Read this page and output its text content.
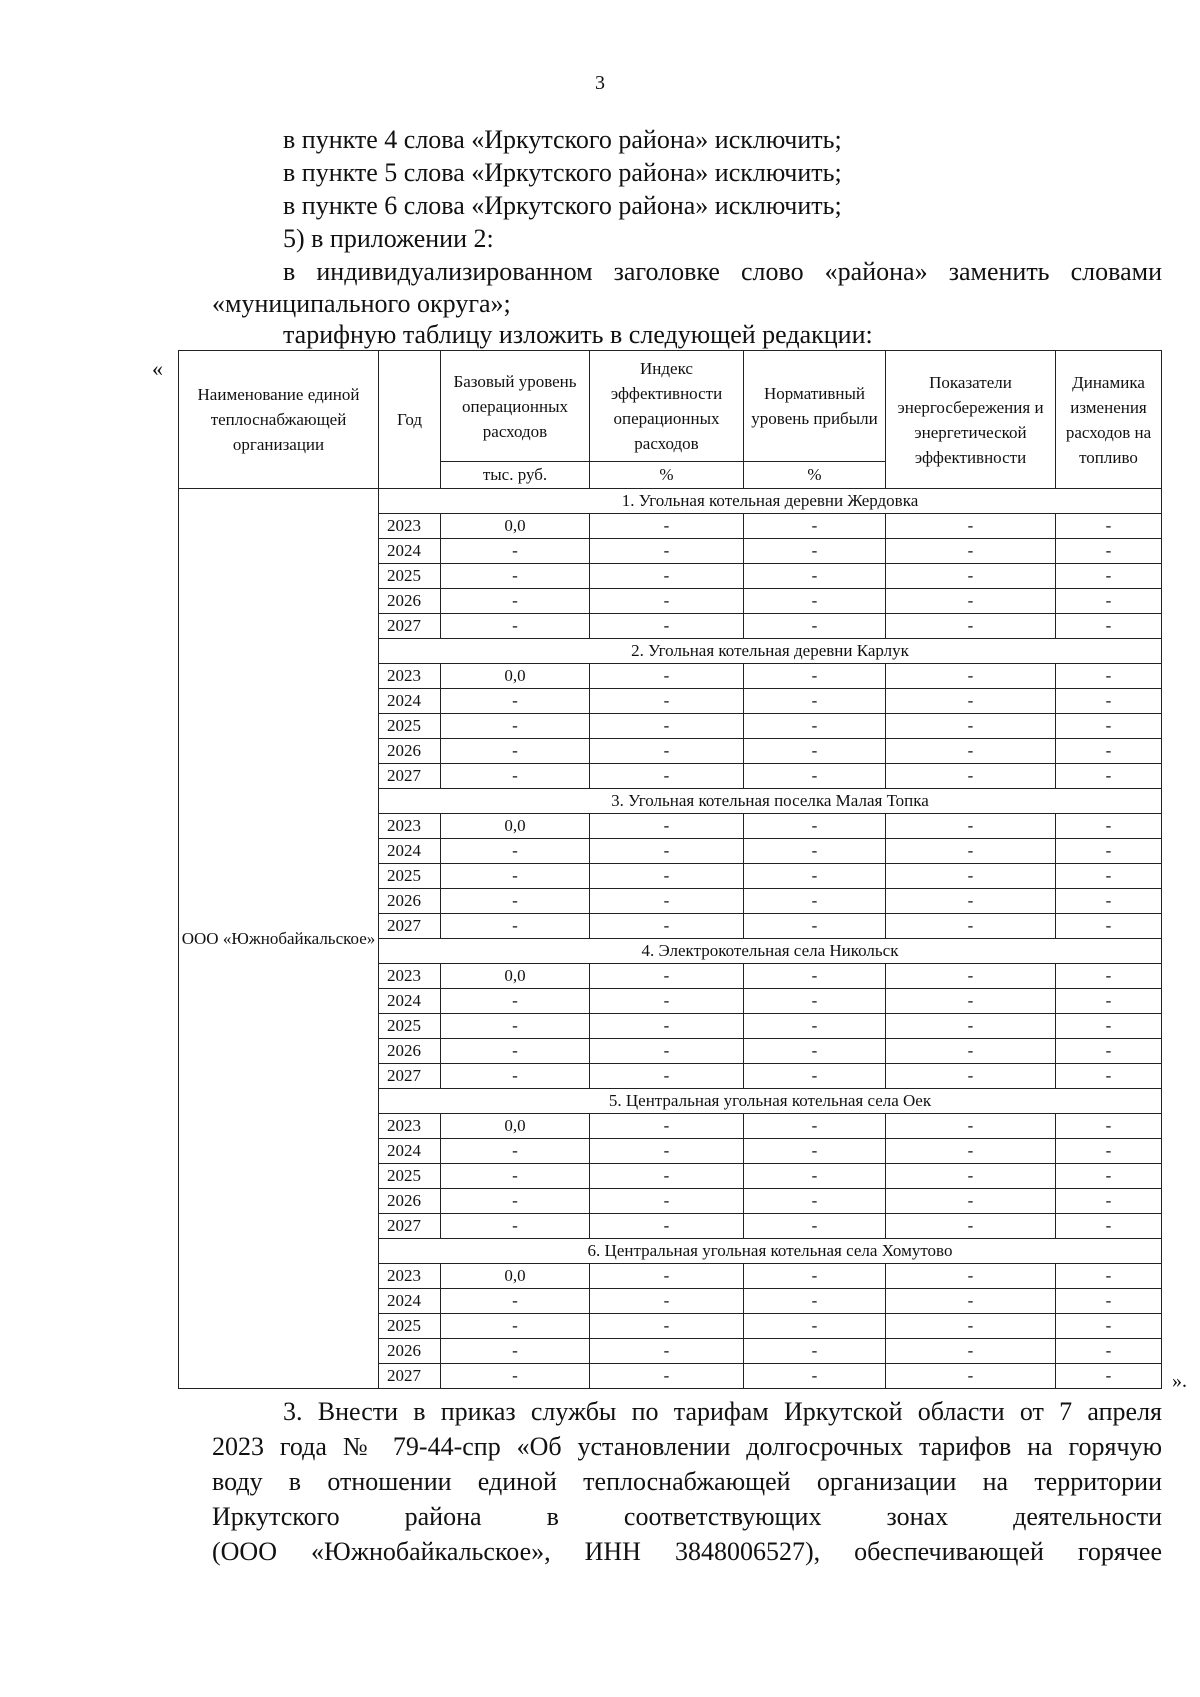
3
в пункте 4 слова «Иркутского района» исключить;
в пункте 5 слова «Иркутского района» исключить;
в пункте 6 слова «Иркутского района» исключить;
5) в приложении 2:
в индивидуализированном заголовке слово «района» заменить словами
«муниципального округа»;
тарифную таблицу изложить в следующей редакции:
«
Наименование единой теплоснабжающей организации	Год	Базовый уровень операционных расходов	Индекс эффективности операционных расходов	Нормативный уровень прибыли	Показатели энергосбережения и энергетической эффективности	Динамика изменения расходов на топливо
		тыс. руб.	%	%		
ООО «Южнобайкальское»	1. Угольная котельная деревни Жердовка					
	2023	0,0	-	-	-	-
	2024	-	-	-	-	-
	2025	-	-	-	-	-
	2026	-	-	-	-	-
	2027	-	-	-	-	-
	2. Угольная котельная деревни Карлук					
	2023	0,0	-	-	-	-
	2024	-	-	-	-	-
	2025	-	-	-	-	-
	2026	-	-	-	-	-
	2027	-	-	-	-	-
	3. Угольная котельная поселка Малая Топка					
	2023	0,0	-	-	-	-
	2024	-	-	-	-	-
	2025	-	-	-	-	-
	2026	-	-	-	-	-
	2027	-	-	-	-	-
	4. Электрокотельная села Никольск					
	2023	0,0	-	-	-	-
	2024	-	-	-	-	-
	2025	-	-	-	-	-
	2026	-	-	-	-	-
	2027	-	-	-	-	-
	5. Центральная угольная котельная села Оек					
	2023	0,0	-	-	-	-
	2024	-	-	-	-	-
	2025	-	-	-	-	-
	2026	-	-	-	-	-
	2027	-	-	-	-	-
	6. Центральная угольная котельная села Хомутово					
	2023	0,0	-	-	-	-
	2024	-	-	-	-	-
	2025	-	-	-	-	-
	2026	-	-	-	-	-
	2027	-	-	-	-	-	».
3. Внести в приказ службы по тарифам Иркутской области от 7 апреля
2023 года № 79-44-спр «Об установлении долгосрочных тарифов на горячую
воду в отношении единой теплоснабжающей организации на территории
Иркутского района в соответствующих зонах деятельности
(ООО «Южнобайкальское», ИНН 3848006527), обеспечивающей горячее
